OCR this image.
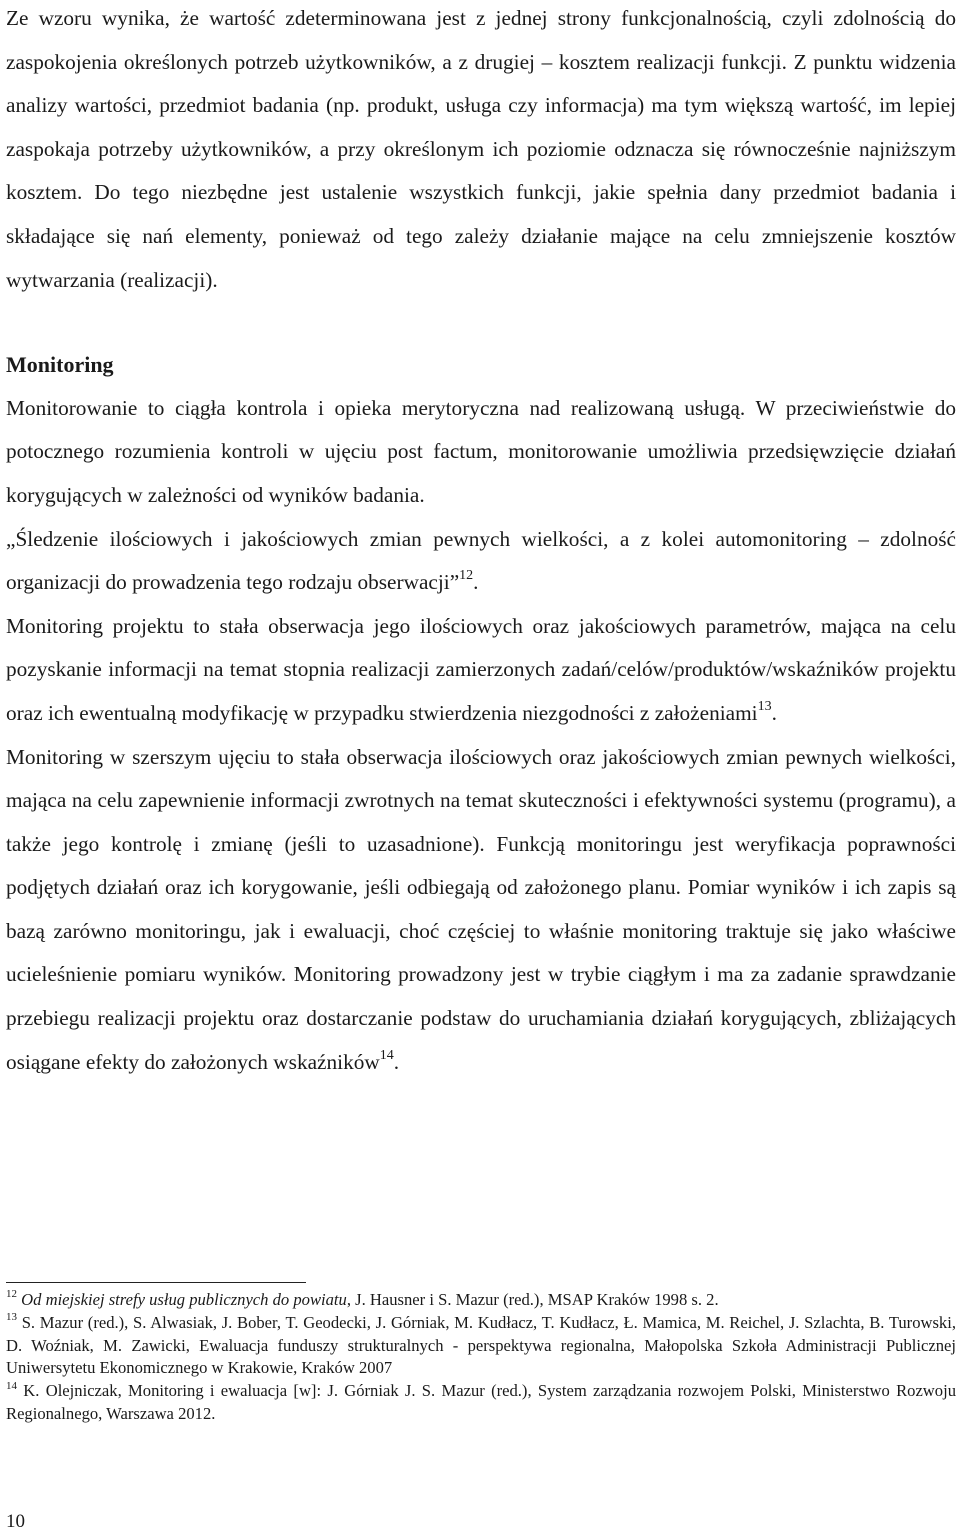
Ze wzoru wynika, że wartość zdeterminowana jest z jednej strony funkcjonalnością, czyli zdolnością do zaspokojenia określonych potrzeb użytkowników, a z drugiej – kosztem realizacji funkcji. Z punktu widzenia analizy wartości, przedmiot badania (np. produkt, usługa czy informacja) ma tym większą wartość, im lepiej zaspokaja potrzeby użytkowników, a przy określonym ich poziomie odznacza się równocześnie najniższym kosztem. Do tego niezbędne jest ustalenie wszystkich funkcji, jakie spełnia dany przedmiot badania i składające się nań elementy, ponieważ od tego zależy działanie mające na celu zmniejszenie kosztów wytwarzania (realizacji).

Monitoring

Monitorowanie to ciągła kontrola i opieka merytoryczna nad realizowaną usługą. W przeciwieństwie do potocznego rozumienia kontroli w ujęciu post factum, monitorowanie umożliwia przedsięwzięcie działań korygujących w zależności od wyników badania.

„Śledzenie ilościowych i jakościowych zmian pewnych wielkości, a z kolei automonitoring – zdolność organizacji do prowadzenia tego rodzaju obserwacji”$^{12}$.

Monitoring projektu to stała obserwacja jego ilościowych oraz jakościowych parametrów, mająca na celu pozyskanie informacji na temat stopnia realizacji zamierzonych zadań/celów/produktów/wskaźników projektu oraz ich ewentualną modyfikację w przypadku stwierdzenia niezgodności z założeniami$^{13}$.

Monitoring w szerszym ujęciu to stała obserwacja ilościowych oraz jakościowych zmian pewnych wielkości, mająca na celu zapewnienie informacji zwrotnych na temat skuteczności i efektywności systemu (programu), a także jego kontrolę i zmianę (jeśli to uzasadnione). Funkcją monitoringu jest weryfikacja poprawności podjętych działań oraz ich korygowanie, jeśli odbiegają od założonego planu. Pomiar wyników i ich zapis są bazą zarówno monitoringu, jak i ewaluacji, choć częściej to właśnie monitoring traktuje się jako właściwe ucieleśnienie pomiaru wyników. Monitoring prowadzony jest w trybie ciągłym i ma za zadanie sprawdzanie przebiegu realizacji projektu oraz dostarczanie podstaw do uruchamiania działań korygujących, zbliżających osiągane efekty do założonych wskaźników$^{14}$.

$^{12}$ Od miejskiej strefy usług publicznych do powiatu, J. Hausner i S. Mazur (red.), MSAP Kraków 1998 s. 2.

$^{13}$ S. Mazur (red.), S. Alwasiak, J. Bober, T. Geodecki, J. Górniak, M. Kudłacz, T. Kudłacz, Ł. Mamica, M. Reichel, J. Szlachta, B. Turowski, D. Woźniak, M. Zawicki, Ewaluacja funduszy strukturalnych - perspektywa regionalna, Małopolska Szkoła Administracji Publicznej Uniwersytetu Ekonomicznego w Krakowie, Kraków 2007

$^{14}$ K. Olejniczak, Monitoring i ewaluacja [w]: J. Górniak J. S. Mazur (red.), System zarządzania rozwojem Polski, Ministerstwo Rozwoju Regionalnego, Warszawa 2012.

10
